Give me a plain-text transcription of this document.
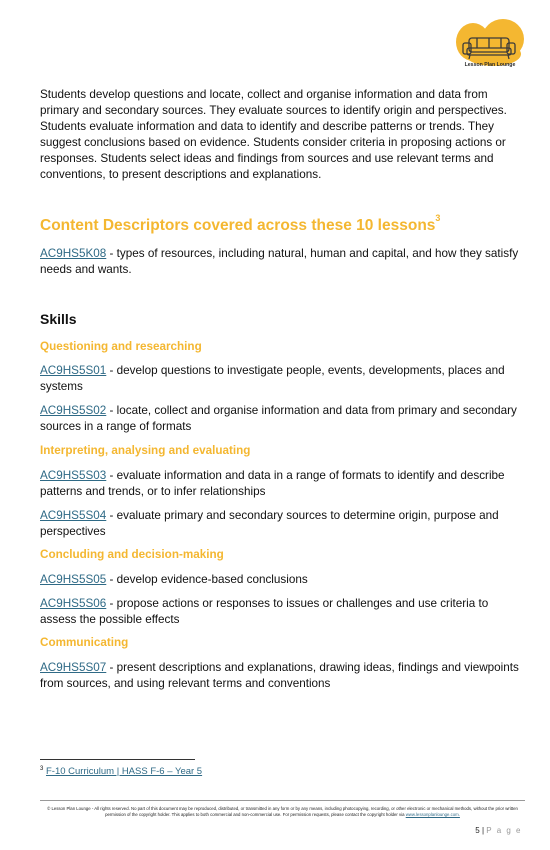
Lesson Plan Lounge

Students develop questions and locate, collect and organise information and data from primary and secondary sources. They evaluate sources to identify origin and perspectives. Students evaluate information and data to identify and describe patterns or trends. They suggest conclusions based on evidence. Students consider criteria in proposing actions or responses. Students select ideas and findings from sources and use relevant terms and conventions, to present descriptions and explanations.

Content Descriptors covered across these 10 lessons$^3$

AC9HS5K08 - types of resources, including natural, human and capital, and how they satisfy needs and wants.

Skills
Questioning and researching

AC9HS5S01 - develop questions to investigate people, events, developments, places and systems

AC9HS5S02 - locate, collect and organise information and data from primary and secondary sources in a range of formats

Interpreting, analysing and evaluating

AC9HS5S03 - evaluate information and data in a range of formats to identify and describe patterns and trends, or to infer relationships

AC9HS5S04 - evaluate primary and secondary sources to determine origin, purpose and perspectives

Concluding and decision-making

AC9HS5S05 - develop evidence-based conclusions

AC9HS5S06 - propose actions or responses to issues or challenges and use criteria to assess the possible effects

Communicating

AC9HS5S07 - present descriptions and explanations, drawing ideas, findings and viewpoints from sources, and using relevant terms and conventions

$^3$ F-10 Curriculum | HASS F-6 – Year 5
© Lesson Plan Lounge - All rights reserved. No part of this document may be reproduced, distributed, or transmitted in any form or by any means, including photocopying, recording, or other electronic or mechanical methods, without the prior written permission of the copyright holder. This applies to both commercial and non-commercial use. For permission requests, please contact the copyright holder via www.lessonplanlounge.com.
5 | P a g e
